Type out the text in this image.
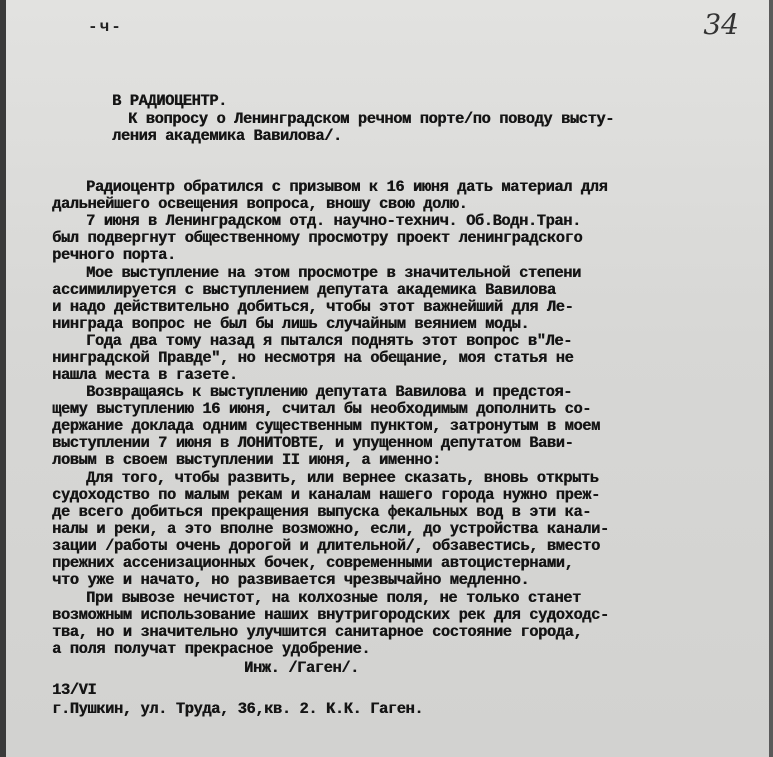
-ч-	34
В РАДИОЦЕНТР.
К вопросу о Ленинградском речном порте/по поводу высту-
ления академика Вавилова/.
Радиоцентр обратился с призывом к 16 июня дать материал для
дальнейшего освещения вопроса, вношу свою долю.
7 июня в Ленинградском отд. научно-технич. Об.Водн.Тран.
был подвергнут общественному просмотру проект ленинградского
речного порта.
Мое выступление на этом просмотре в значительной степени
ассимилируется с выступлением депутата академика Вавилова
и надо действительно добиться, чтобы этот важнейший для Ле-
нинграда вопрос не был бы лишь случайным веянием моды.
Года два тому назад я пытался поднять этот вопрос в"Ле-
нинградской Правде", но несмотря на обещание, моя статья не
нашла места в газете.
Возвращаясь к выступлению депутата Вавилова и предстоя-
щему выступлению 16 июня, считал бы необходимым дополнить со-
держание доклада одним существенным пунктом, затронутым в моем
выступлении 7 июня в ЛОНИТОВТЕ, и упущенном депутатом Вави-
ловым в своем выступлении II июня, а именно:
Для того, чтобы развить, или вернее сказать, вновь открыть
судоходство по малым рекам и каналам нашего города нужно преж-
де всего добиться прекращения выпуска фекальных вод в эти ка-
налы и реки, а это вполне возможно, если, до устройства канали-
зации /работы очень дорогой и длительной/, обзавестись, вместо
прежних ассенизационных бочек, современными автоцистернами,
что уже и начато, но развивается чрезвычайно медленно.
При вывозе нечистот, на колхозные поля, не только станет
возможным использование наших внутригородских рек для судоходс-
тва, но и значительно улучшится санитарное состояние города,
а поля получат прекрасное удобрение.
Инж. /Гаген/.
13/VI
г.Пушкин, ул. Труда, 36,кв. 2. К.К. Гаген.
